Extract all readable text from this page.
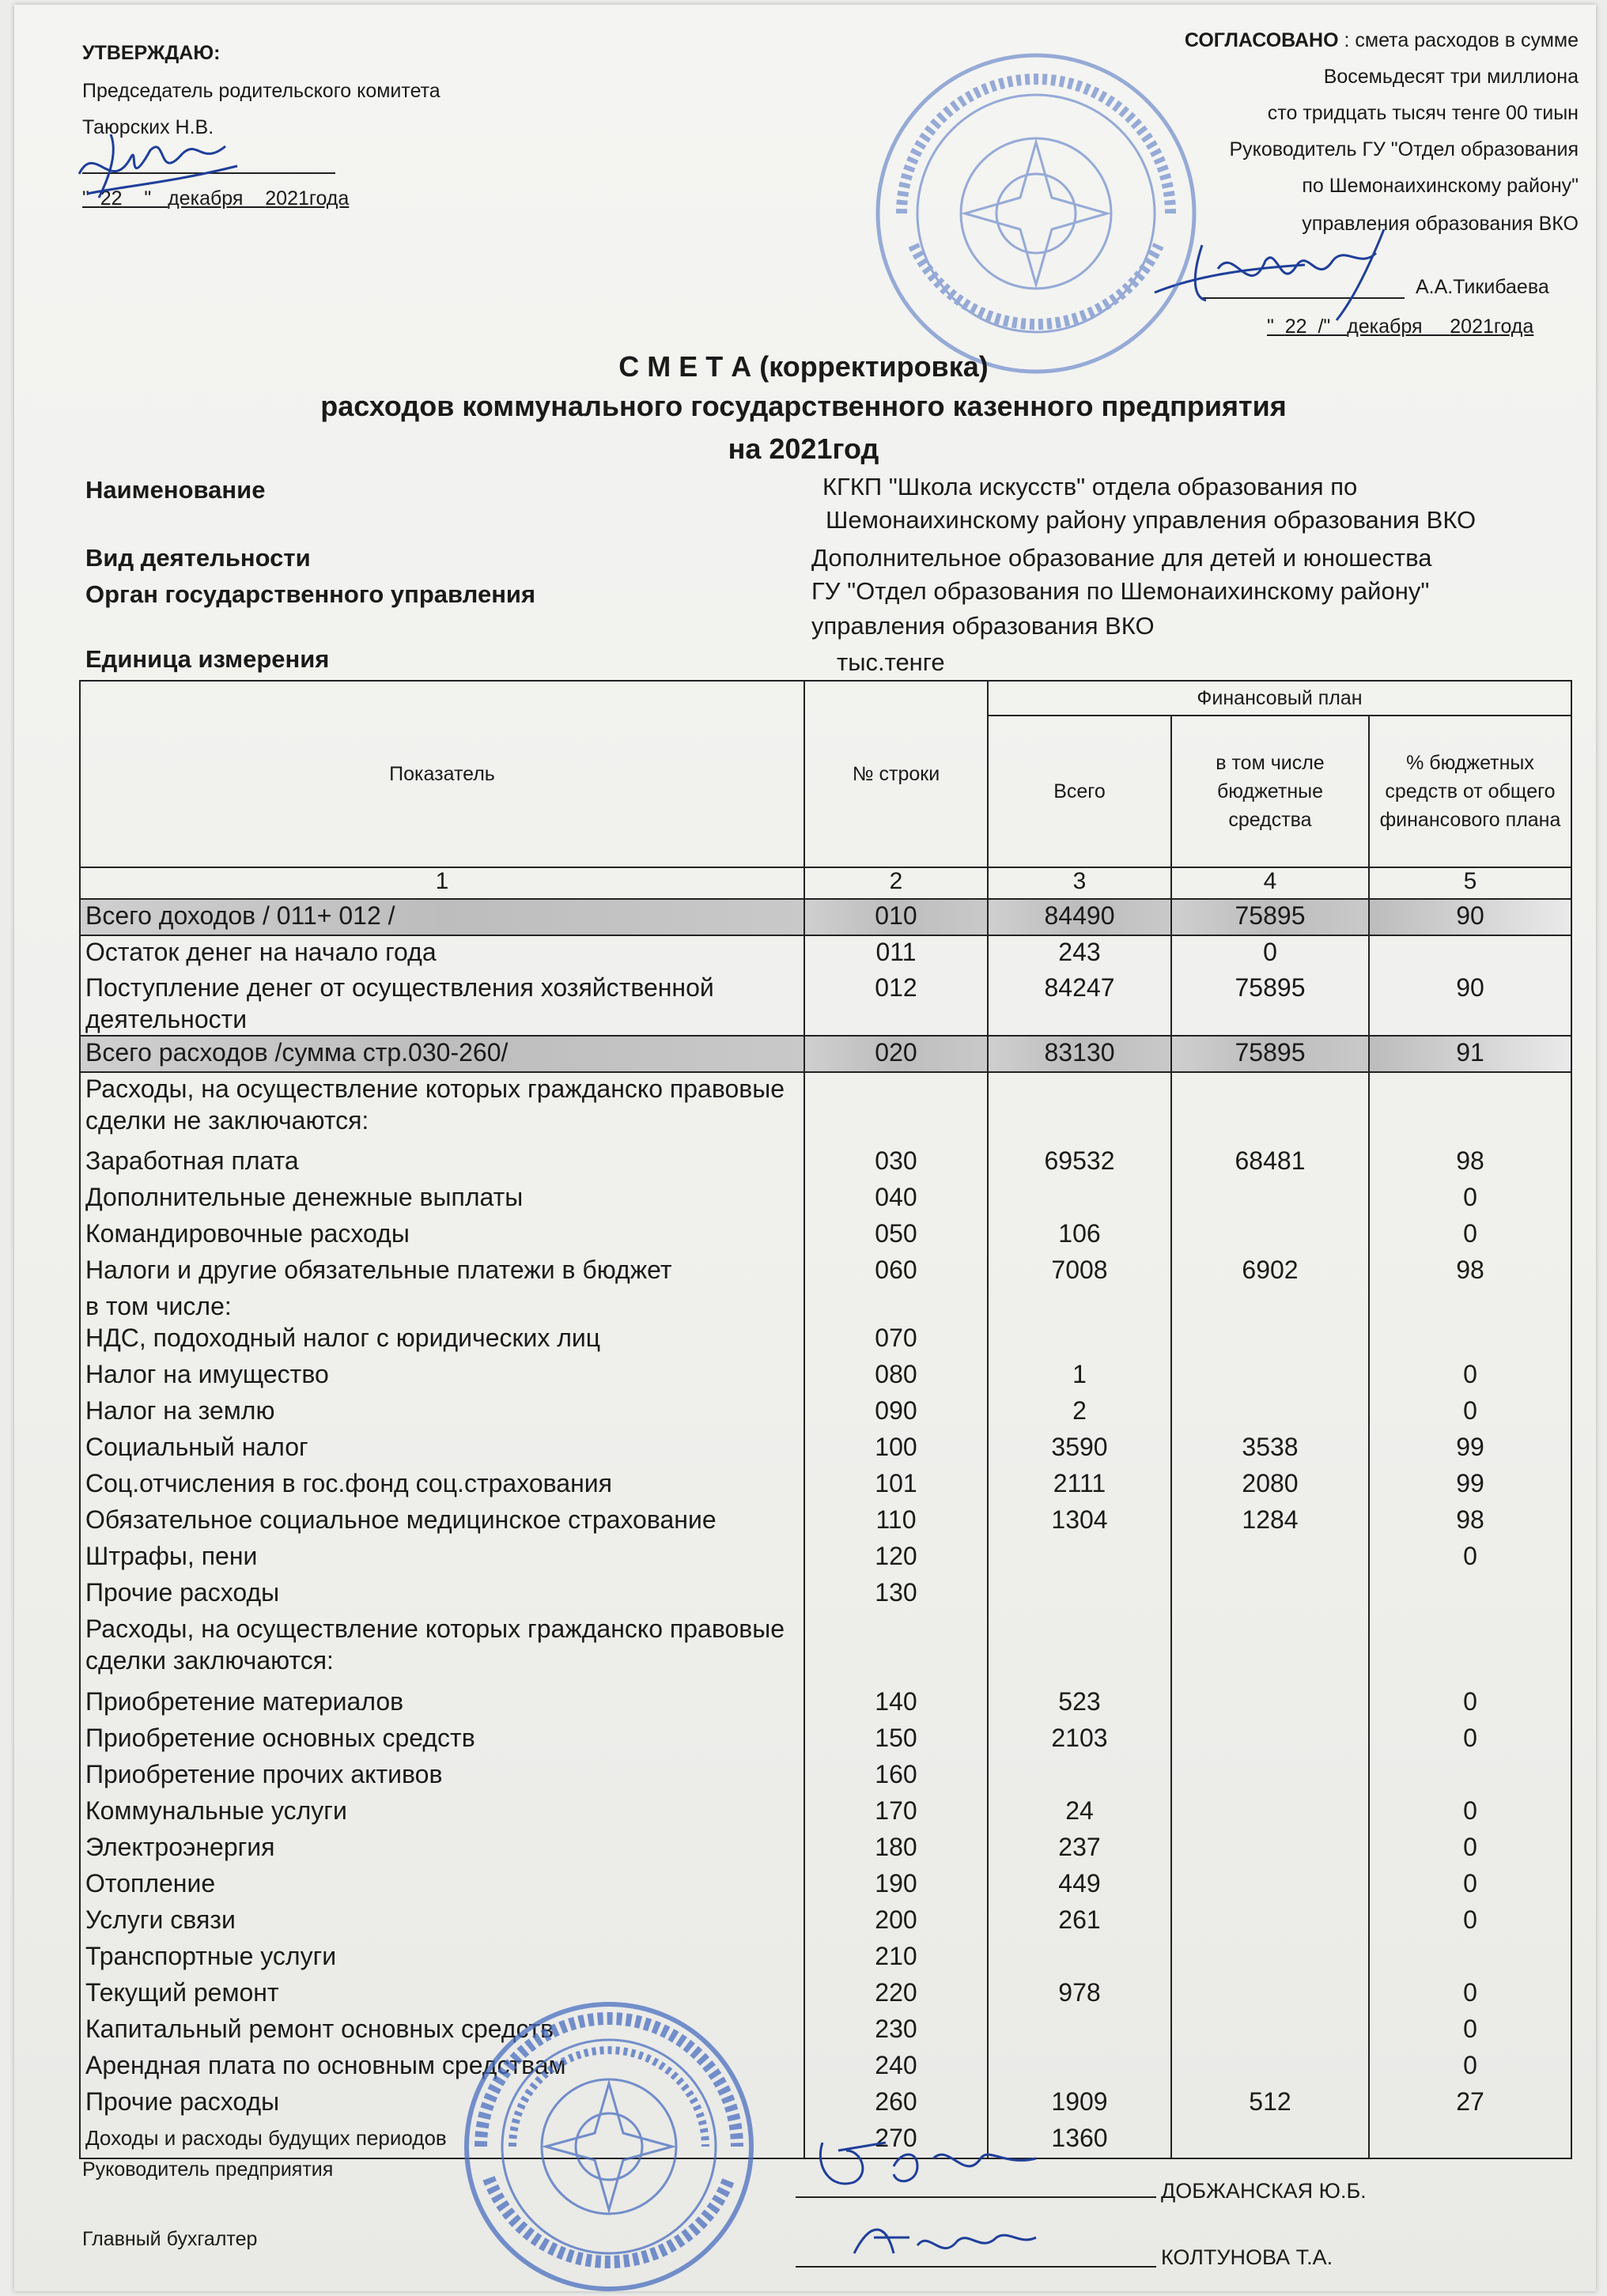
УТВЕРЖДАЮ:
Председатель родительского комитета
Таюрских Н.В.
"  22    "   декабря 2021года
СОГЛАСОВАНО : смета расходов в сумме
Восемьдесят три миллиона
сто тридцать тысяч тенге 00 тиын
Руководитель ГУ "Отдел образования
по Шемонаихинскому району"
управления образования ВКО
А.А.Тикибаева
"  22  /"   декабря 2021года
С М Е Т А (корректировка)
расходов коммунального государственного казенного предприятия
на 2021год
Наименование	КГКП "Школа искусств" отдела образования по
Шемонаихинскому району управления образования ВКО
Вид деятельности	Дополнительное образование для детей и юношества
Орган государственного управления	ГУ "Отдел образования по Шемонаихинскому району"
управления образования ВКО
Единица измерения	тыс.тенге
Показатель	№ строки	Финансовый план		
		Всего	в том числе бюджетные средства	% бюджетных средств от общего финансового плана
1	2	3	4	5
Всего доходов / 011+ 012 /	010	84490	75895	90
Остаток денег на начало года	011	243	0	
Поступление денег от осуществления хозяйственной деятельности	012	84247	75895	90
Всего расходов /сумма стр.030-260/	020	83130	75895	91
Расходы, на осуществление которых гражданско правовые сделки не заключаются:				
Заработная плата	030	69532	68481	98
Дополнительные денежные выплаты	040			0
Командировочные расходы	050	106		0
Налоги и другие обязательные платежи в бюджет	060	7008	6902	98
в том числе:				
НДС, подоходный налог с юридических лиц	070			
Налог на имущество	080	1		0
Налог на землю	090	2		0
Социальный налог	100	3590	3538	99
Соц.отчисления в гос.фонд соц.страхования	101	2111	2080	99
Обязательное социальное медицинское страхование	110	1304	1284	98
Штрафы, пени	120			0
Прочие расходы	130			
Расходы, на осуществление которых гражданско правовые сделки заключаются:				
Приобретение материалов	140	523		0
Приобретение основных средств	150	2103		0
Приобретение прочих активов	160			
Коммунальные услуги	170	24		0
Электроэнергия	180	237		0
Отопление	190	449		0
Услуги связи	200	261		0
Транспортные услуги	210			
Текущий ремонт	220	978		0
Капитальный ремонт основных средств	230			0
Арендная плата по основным средствам	240			0
Прочие расходы	260	1909	512	27
Доходы и расходы будущих периодов	270	1360		
Руководитель предприятия
ДОБЖАНСКАЯ Ю.Б.
Главный бухгалтер
КОЛТУНОВА Т.А.
